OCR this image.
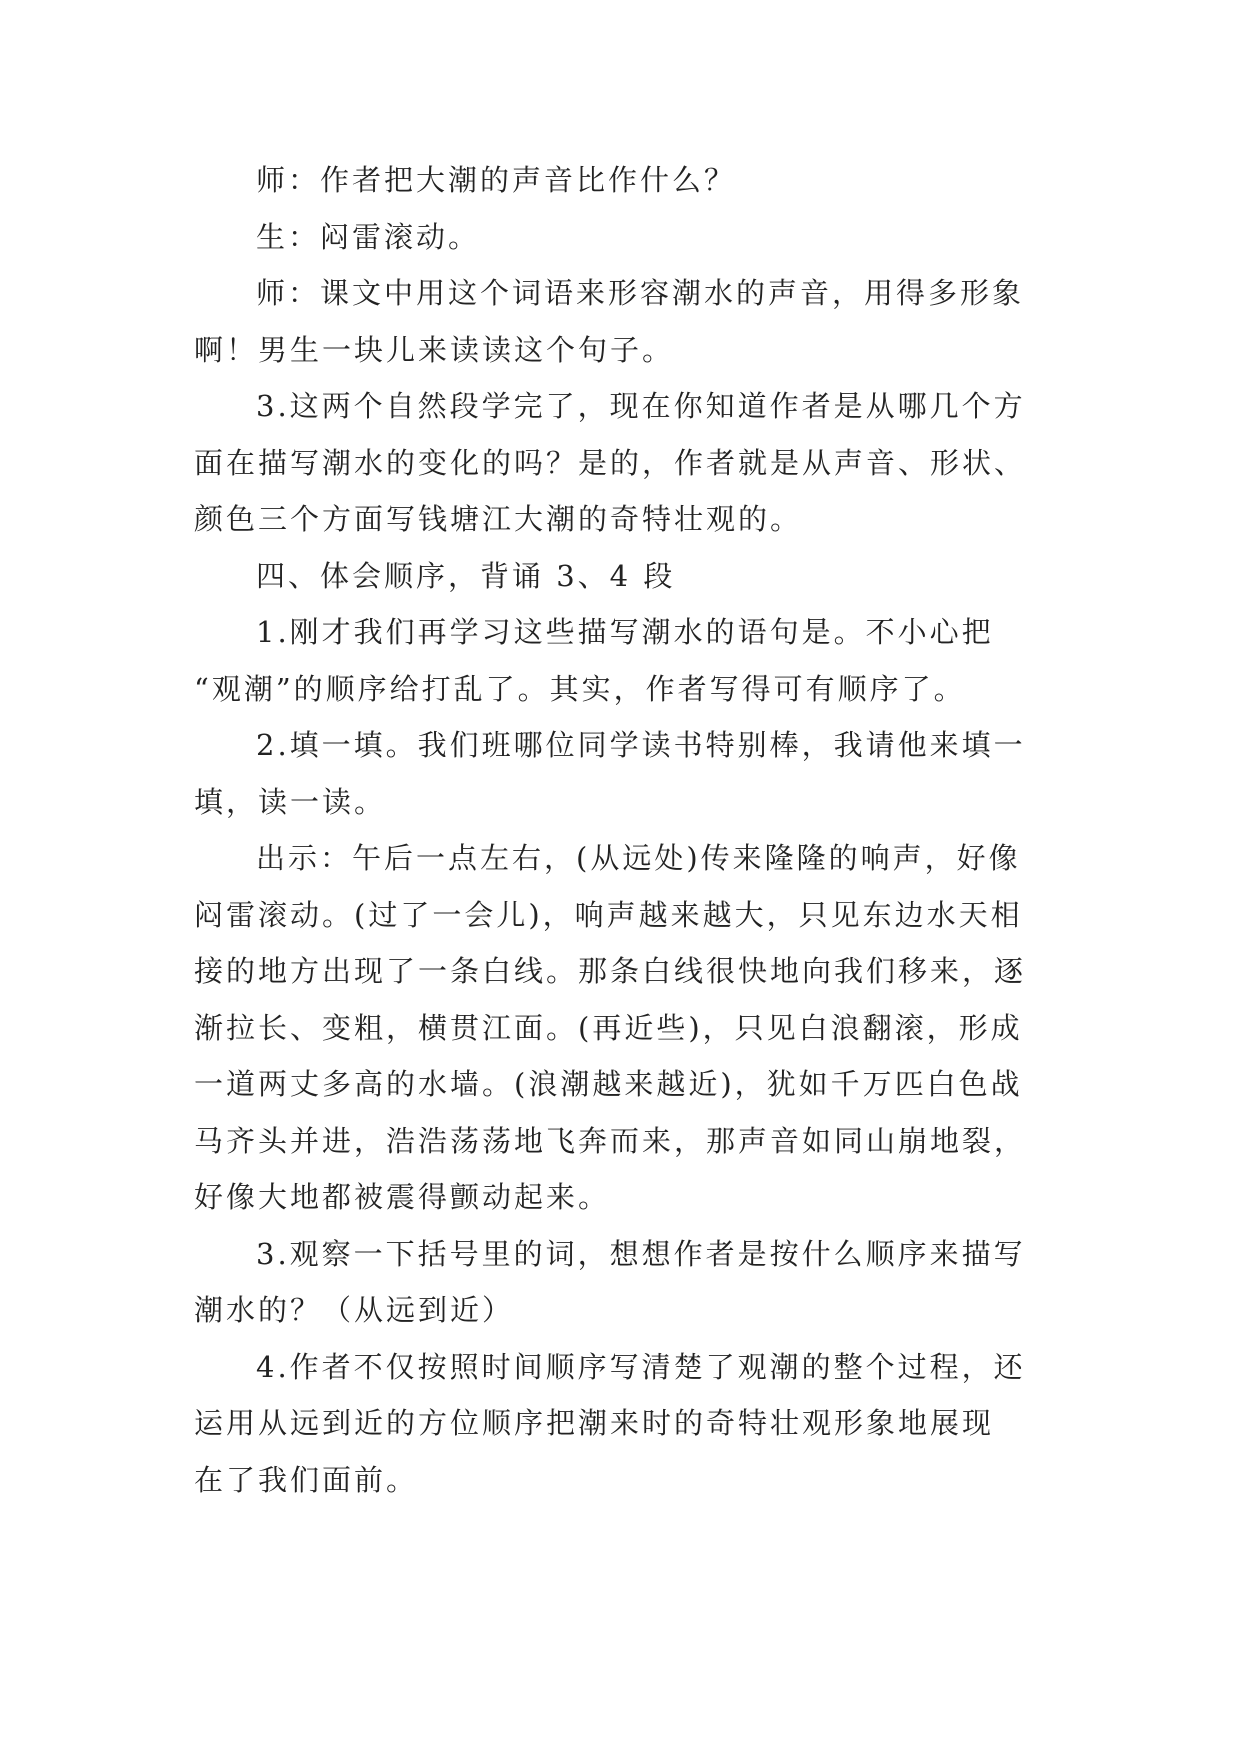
师：作者把大潮的声音比作什么？
生：闷雷滚动。
师：课文中用这个词语来形容潮水的声音，用得多形象
啊！男生一块儿来读读这个句子。
3.这两个自然段学完了，现在你知道作者是从哪几个方
面在描写潮水的变化的吗？是的，作者就是从声音、形状、
颜色三个方面写钱塘江大潮的奇特壮观的。
四、体会顺序，背诵 3、4 段
1.刚才我们再学习这些描写潮水的语句是。不小心把
“观潮”的顺序给打乱了。其实，作者写得可有顺序了。
2.填一填。我们班哪位同学读书特别棒，我请他来填一
填，读一读。
出示：午后一点左右，(从远处)传来隆隆的响声，好像
闷雷滚动。(过了一会儿)，响声越来越大，只见东边水天相
接的地方出现了一条白线。那条白线很快地向我们移来，逐
渐拉长、变粗，横贯江面。(再近些)，只见白浪翻滚，形成
一道两丈多高的水墙。(浪潮越来越近)，犹如千万匹白色战
马齐头并进，浩浩荡荡地飞奔而来，那声音如同山崩地裂，
好像大地都被震得颤动起来。
3.观察一下括号里的词，想想作者是按什么顺序来描写
潮水的？（从远到近）
4.作者不仅按照时间顺序写清楚了观潮的整个过程，还
运用从远到近的方位顺序把潮来时的奇特壮观形象地展现
在了我们面前。
